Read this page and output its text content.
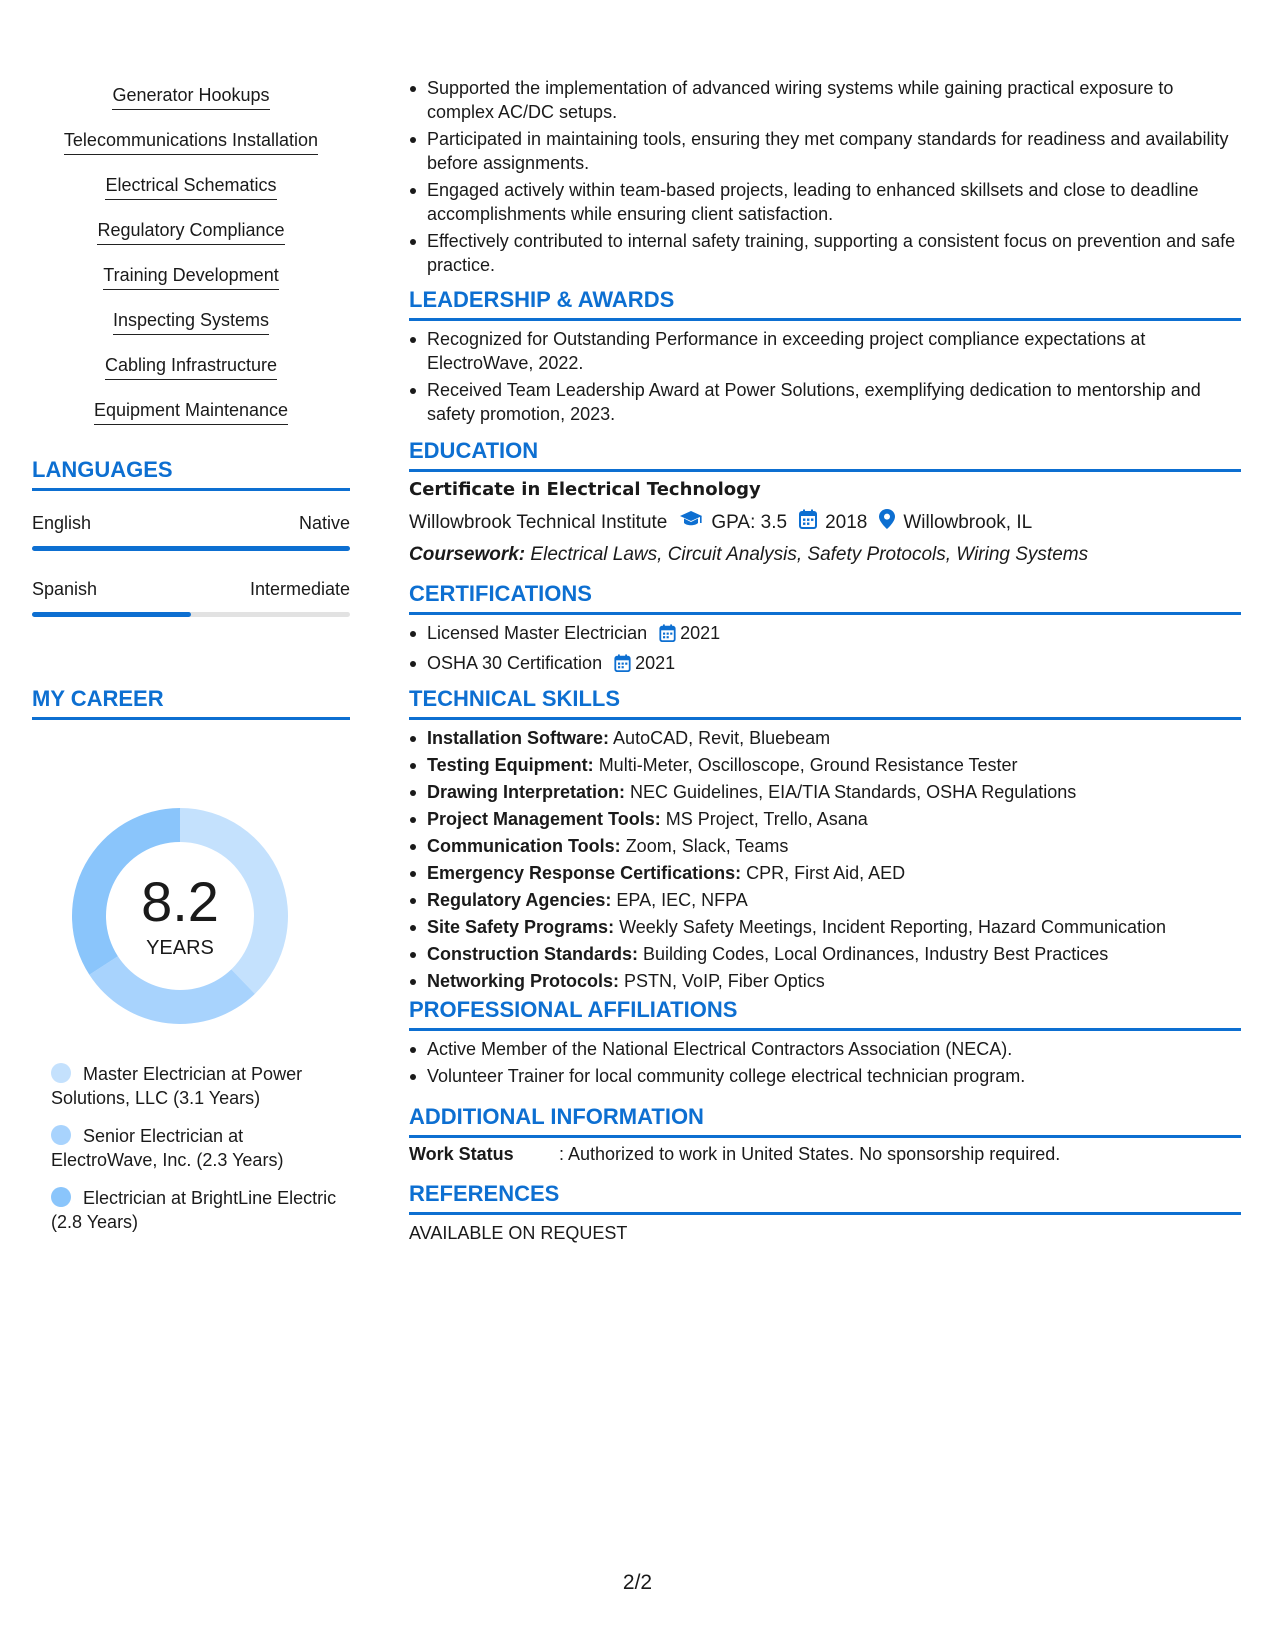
Generator Hookups
Telecommunications Installation
Electrical Schematics
Regulatory Compliance
Training Development
Inspecting Systems
Cabling Infrastructure
Equipment Maintenance
LANGUAGES
English	Native
Spanish	Intermediate
MY CAREER
8.2
YEARS
Master Electrician at Power Solutions, LLC (3.1 Years)
Senior Electrician at ElectroWave, Inc. (2.3 Years)
Electrician at BrightLine Electric (2.8 Years)
Supported the implementation of advanced wiring systems while gaining practical exposure to complex AC/DC setups.
Participated in maintaining tools, ensuring they met company standards for readiness and availability before assignments.
Engaged actively within team-based projects, leading to enhanced skillsets and close to deadline accomplishments while ensuring client satisfaction.
Effectively contributed to internal safety training, supporting a consistent focus on prevention and safe practice.
LEADERSHIP & AWARDS
Recognized for Outstanding Performance in exceeding project compliance expectations at ElectroWave, 2022.
Received Team Leadership Award at Power Solutions, exemplifying dedication to mentorship and safety promotion, 2023.
EDUCATION
Certificate in Electrical Technology
Willowbrook Technical Institute GPA: 3.5 2018 Willowbrook, IL
Coursework: Electrical Laws, Circuit Analysis, Safety Protocols, Wiring Systems
CERTIFICATIONS
Licensed Master Electrician 2021
OSHA 30 Certification 2021
TECHNICAL SKILLS
Installation Software: AutoCAD, Revit, Bluebeam
Testing Equipment: Multi-Meter, Oscilloscope, Ground Resistance Tester
Drawing Interpretation: NEC Guidelines, EIA/TIA Standards, OSHA Regulations
Project Management Tools: MS Project, Trello, Asana
Communication Tools: Zoom, Slack, Teams
Emergency Response Certifications: CPR, First Aid, AED
Regulatory Agencies: EPA, IEC, NFPA
Site Safety Programs: Weekly Safety Meetings, Incident Reporting, Hazard Communication
Construction Standards: Building Codes, Local Ordinances, Industry Best Practices
Networking Protocols: PSTN, VoIP, Fiber Optics
PROFESSIONAL AFFILIATIONS
Active Member of the National Electrical Contractors Association (NECA).
Volunteer Trainer for local community college electrical technician program.
ADDITIONAL INFORMATION
Work Status	: Authorized to work in United States. No sponsorship required.
REFERENCES
AVAILABLE ON REQUEST
2/2
